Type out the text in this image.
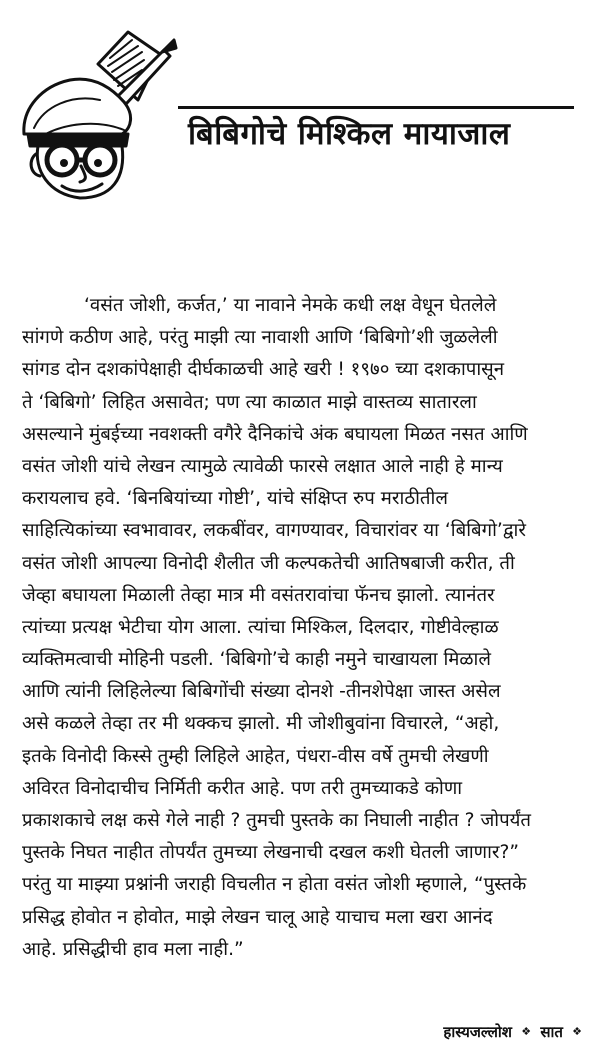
बिबिगोचे मिश्किल मायाजाल
‘वसंत जोशी, कर्जत,’ या नावाने नेमके कधी लक्ष वेधून घेतलेले
सांगणे कठीण आहे, परंतु माझी त्या नावाशी आणि ‘बिबिगो’शी जुळलेली
सांगड दोन दशकांपेक्षाही दीर्घकाळची आहे खरी ! १९७० च्या दशकापासून
ते ‘बिबिगो’ लिहित असावेत; पण त्या काळात माझे वास्तव्य सातारला
असल्याने मुंबईच्या नवशक्ती वगैरे दैनिकांचे अंक बघायला मिळत नसत आणि
वसंत जोशी यांचे लेखन त्यामुळे त्यावेळी फारसे लक्षात आले नाही हे मान्य
करायलाच हवे. ‘बिनबियांच्या गोष्टी’, यांचे संक्षिप्त रुप मराठीतील
साहित्यिकांच्या स्वभावावर, लकबींवर, वागण्यावर, विचारांवर या ‘बिबिगो’द्वारे
वसंत जोशी आपल्या विनोदी शैलीत जी कल्पकतेची आतिषबाजी करीत, ती
जेव्हा बघायला मिळाली तेव्हा मात्र मी वसंतरावांचा फॅनच झालो. त्यानंतर
त्यांच्या प्रत्यक्ष भेटीचा योग आला. त्यांचा मिश्किल, दिलदार, गोष्टीवेल्हाळ
व्यक्तिमत्वाची मोहिनी पडली. ‘बिबिगो’चे काही नमुने चाखायला मिळाले
आणि त्यांनी लिहिलेल्या बिबिगोंची संख्या दोनशे -तीनशेपेक्षा जास्त असेल
असे कळले तेव्हा तर मी थक्कच झालो. मी जोशीबुवांना विचारले, “अहो,
इतके विनोदी किस्से तुम्ही लिहिले आहेत, पंधरा-वीस वर्षे तुमची लेखणी
अविरत विनोदाचीच निर्मिती करीत आहे. पण तरी तुमच्याकडे कोणा
प्रकाशकाचे लक्ष कसे गेले नाही ? तुमची पुस्तके का निघाली नाहीत ? जोपर्यंत
पुस्तके निघत नाहीत तोपर्यंत तुमच्या लेखनाची दखल कशी घेतली जाणार?”
परंतु या माझ्या प्रश्नांनी जराही विचलीत न होता वसंत जोशी म्हणाले, “पुस्तके
प्रसिद्ध होवोत न होवोत, माझे लेखन चालू आहे याचाच मला खरा आनंद
आहे. प्रसिद्धीची हाव मला नाही.”
हास्यजल्लोश ❖ सात ❖
